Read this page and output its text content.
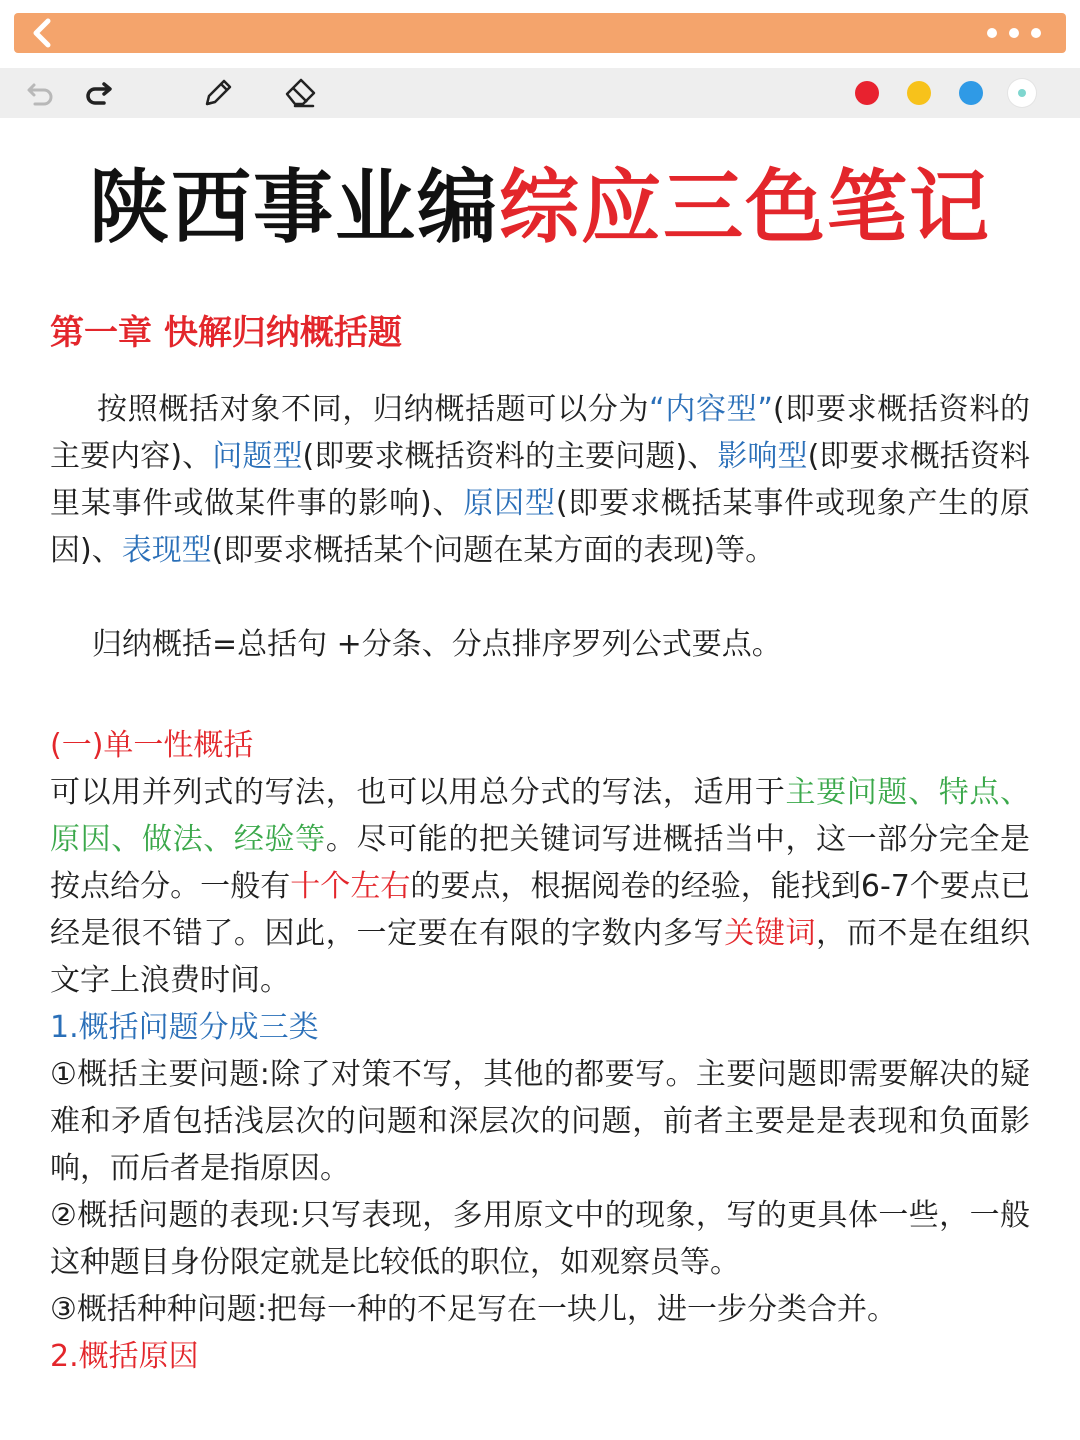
陕西事业编综应三色笔记
第一章 快解归纳概括题
按照概括对象不同，归纳概括题可以分为“内容型”(即要求概括资料的主要内容)、问题型(即要求概括资料的主要问题)、影响型(即要求概括资料里某事件或做某件事的影响)、原因型(即要求概括某事件或现象产生的原因)、表现型(即要求概括某个问题在某方面的表现)等。
归纳概括=总括句 +分条、分点排序罗列公式要点。
(一)单一性概括
可以用并列式的写法，也可以用总分式的写法，适用于主要问题、特点、原因、做法、经验等。尽可能的把关键词写进概括当中，这一部分完全是按点给分。一般有十个左右的要点，根据阅卷的经验，能找到6-7个要点已经是很不错了。因此，一定要在有限的字数内多写关键词，而不是在组织文字上浪费时间。
1.概括问题分成三类
①概括主要问题:除了对策不写，其他的都要写。主要问题即需要解决的疑难和矛盾包括浅层次的问题和深层次的问题，前者主要是是表现和负面影响，而后者是指原因。
②概括问题的表现:只写表现，多用原文中的现象，写的更具体一些，一般这种题目身份限定就是比较低的职位，如观察员等。
③概括种种问题:把每一种的不足写在一块儿，进一步分类合并。
2.概括原因
